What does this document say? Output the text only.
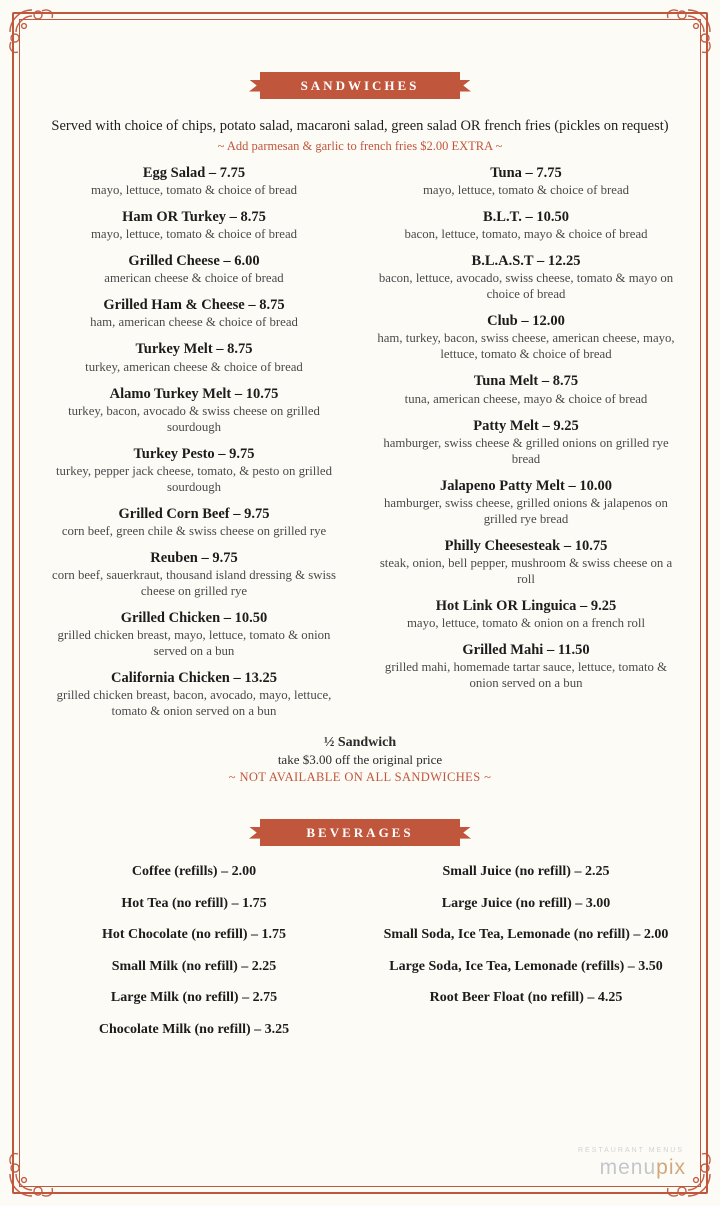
SANDWICHES
Served with choice of chips, potato salad, macaroni salad, green salad OR french fries (pickles on request)
~ Add parmesan & garlic to french fries $2.00 EXTRA ~
Egg Salad – 7.75
mayo, lettuce, tomato & choice of bread
Ham OR Turkey – 8.75
mayo, lettuce, tomato & choice of bread
Grilled Cheese – 6.00
american cheese & choice of bread
Grilled Ham & Cheese – 8.75
ham, american cheese & choice of bread
Turkey Melt – 8.75
turkey, american cheese & choice of bread
Alamo Turkey Melt – 10.75
turkey, bacon, avocado & swiss cheese on grilled sourdough
Turkey Pesto – 9.75
turkey, pepper jack cheese, tomato, & pesto on grilled sourdough
Grilled Corn Beef – 9.75
corn beef, green chile & swiss cheese on grilled rye
Reuben – 9.75
corn beef, sauerkraut, thousand island dressing & swiss cheese on grilled rye
Grilled Chicken – 10.50
grilled chicken breast, mayo, lettuce, tomato & onion served on a bun
California Chicken – 13.25
grilled chicken breast, bacon, avocado, mayo, lettuce, tomato & onion served on a bun
Tuna – 7.75
mayo, lettuce, tomato & choice of bread
B.L.T. – 10.50
bacon, lettuce, tomato, mayo & choice of bread
B.L.A.S.T – 12.25
bacon, lettuce, avocado, swiss cheese, tomato & mayo on choice of bread
Club – 12.00
ham, turkey, bacon, swiss cheese, american cheese, mayo, lettuce, tomato & choice of bread
Tuna Melt – 8.75
tuna, american cheese, mayo & choice of bread
Patty Melt – 9.25
hamburger, swiss cheese & grilled onions on grilled rye bread
Jalapeno Patty Melt – 10.00
hamburger, swiss cheese, grilled onions & jalapenos on grilled rye bread
Philly Cheesesteak – 10.75
steak, onion, bell pepper, mushroom & swiss cheese on a roll
Hot Link OR Linguica – 9.25
mayo, lettuce, tomato & onion on a french roll
Grilled Mahi – 11.50
grilled mahi, homemade tartar sauce, lettuce, tomato & onion served on a bun
½ Sandwich
take $3.00 off the original price
~ NOT AVAILABLE ON ALL SANDWICHES ~
BEVERAGES
Coffee (refills) – 2.00
Hot Tea (no refill) – 1.75
Hot Chocolate (no refill) – 1.75
Small Milk (no refill) – 2.25
Large Milk (no refill) – 2.75
Chocolate Milk (no refill) – 3.25
Small Juice (no refill) – 2.25
Large Juice (no refill) – 3.00
Small Soda, Ice Tea, Lemonade (no refill) – 2.00
Large Soda, Ice Tea, Lemonade (refills) – 3.50
Root Beer Float (no refill) – 4.25
RESTAURANT MENUS
menupix
